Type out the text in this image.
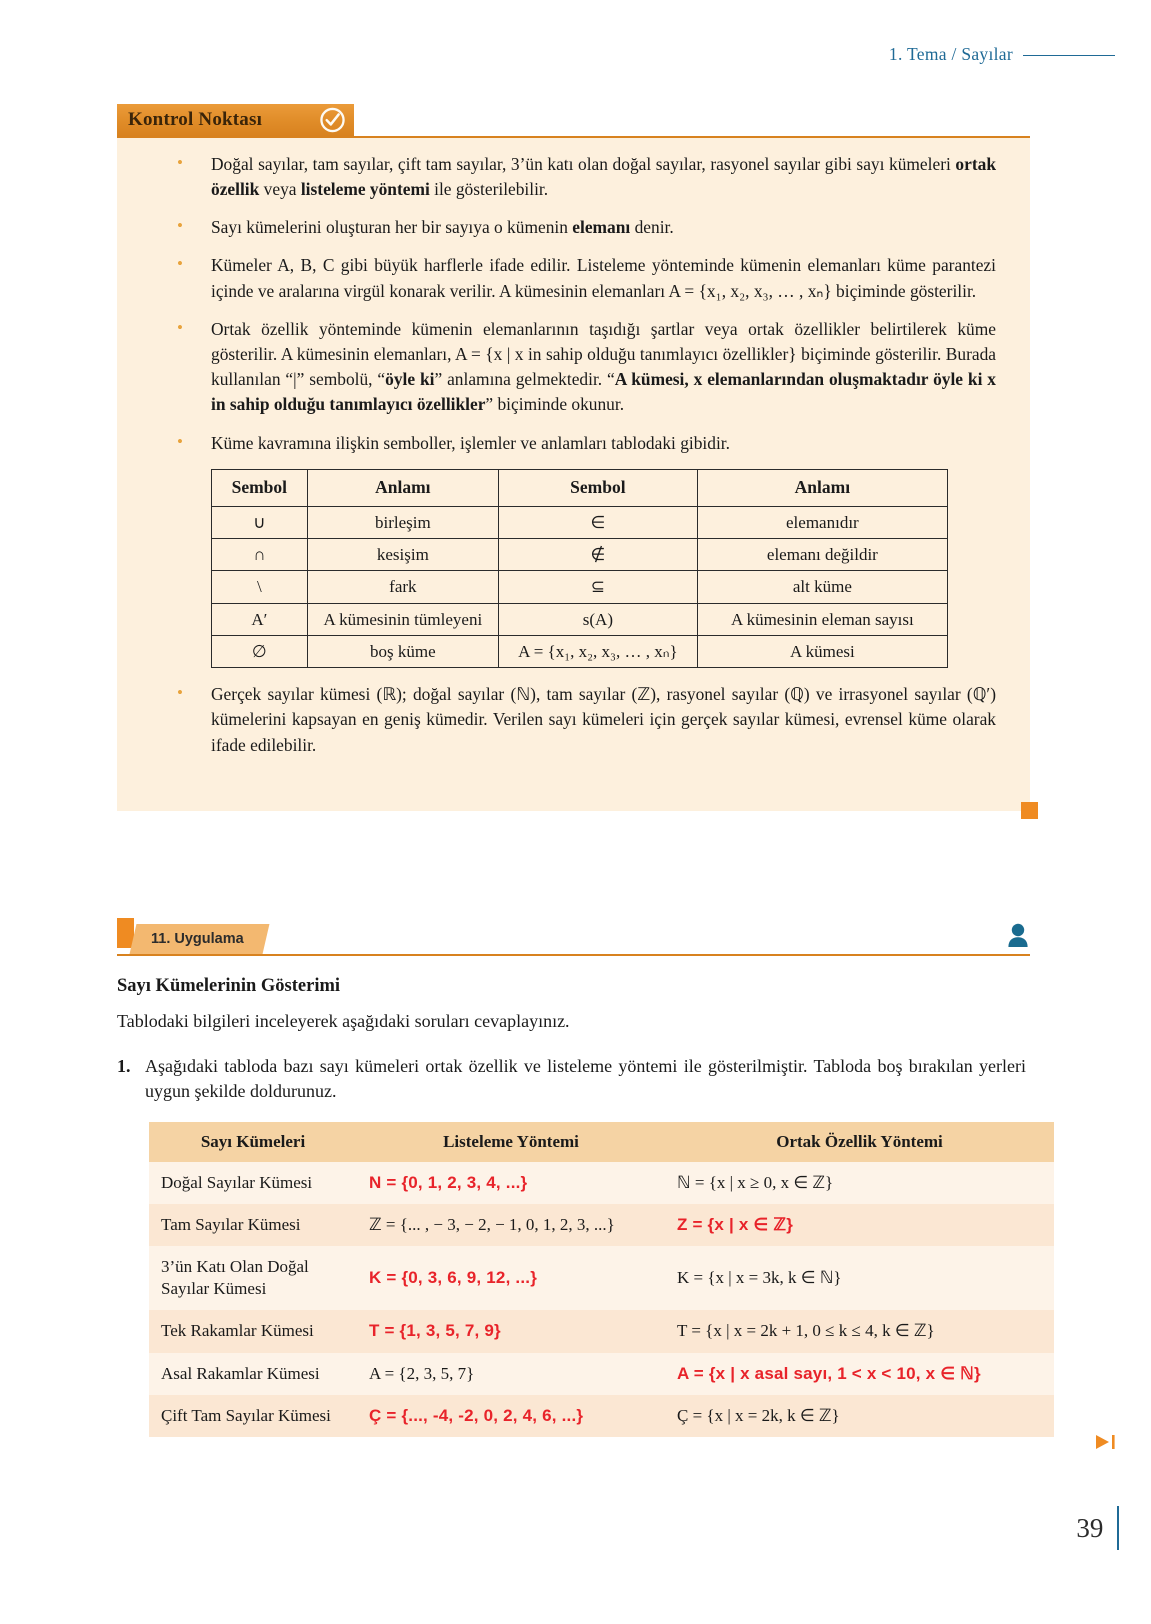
1. Tema / Sayılar
Kontrol Noktası
• Doğal sayılar, tam sayılar, çift tam sayılar, 3’ün katı olan doğal sayılar, rasyonel sayılar gibi sayı kümeleri ortak özellik veya listeleme yöntemi ile gösterilebilir.
• Sayı kümelerini oluşturan her bir sayıya o kümenin elemanı denir.
• Kümeler A, B, C gibi büyük harflerle ifade edilir. Listeleme yönteminde kümenin elemanları küme parantezi içinde ve aralarına virgül konarak verilir. A kümesinin elemanları A = {x₁, x₂, x₃, … , xₙ} biçiminde gösterilir.
• Ortak özellik yönteminde kümenin elemanlarının taşıdığı şartlar veya ortak özellikler belirtilerek küme gösterilir. A kümesinin elemanları, A = {x | x in sahip olduğu tanımlayıcı özellikler} biçiminde gösterilir. Burada kullanılan “|” sembolü, “öyle ki” anlamına gelmektedir. “A kümesi, x elemanlarından oluşmaktadır öyle ki x in sahip olduğu tanımlayıcı özellikler” biçiminde okunur.
• Küme kavramına ilişkin semboller, işlemler ve anlamları tablodaki gibidir.
Sembol	Anlamı	Sembol	Anlamı
∪	birleşim	∈	elemanıdır
∩	kesişim	∉	elemanı değildir
\	fark	⊆	alt küme
A′	A kümesinin tümleyeni	s(A)	A kümesinin eleman sayısı
∅	boş küme	A = {x₁, x₂, x₃, … , xₙ}	A kümesi
• Gerçek sayılar kümesi (ℝ); doğal sayılar (ℕ), tam sayılar (ℤ), rasyonel sayılar (ℚ) ve irrasyonel sayılar (ℚ′) kümelerini kapsayan en geniş kümedir. Verilen sayı kümeleri için gerçek sayılar kümesi, evrensel küme olarak ifade edilebilir.
11. Uygulama
Sayı Kümelerinin Gösterimi

Tablodaki bilgileri inceleyerek aşağıdaki soruları cevaplayınız.

1. Aşağıdaki tabloda bazı sayı kümeleri ortak özellik ve listeleme yöntemi ile gösterilmiştir. Tabloda boş bırakılan yerleri uygun şekilde doldurunuz.
Sayı Kümeleri	Listeleme Yöntemi	Ortak Özellik Yöntemi
Doğal Sayılar Kümesi	N = {0, 1, 2, 3, 4, ...}	ℕ = {x | x ≥ 0, x ∈ ℤ}
Tam Sayılar Kümesi	ℤ = {... , − 3, − 2, − 1, 0, 1, 2, 3, ...}	Z = {x | x ∈ ℤ}
3’ün Katı Olan Doğal Sayılar Kümesi	K = {0, 3, 6, 9, 12, ...}	K = {x | x = 3k, k ∈ ℕ}
Tek Rakamlar Kümesi	T = {1, 3, 5, 7, 9}	T = {x | x = 2k + 1, 0 ≤ k ≤ 4, k ∈ ℤ}
Asal Rakamlar Kümesi	A = {2, 3, 5, 7}	A = {x | x asal sayı, 1 < x < 10, x ∈ ℕ}
Çift Tam Sayılar Kümesi	Ç = {..., -4, -2, 0, 2, 4, 6, ...}	Ç = {x | x = 2k, k ∈ ℤ}
39
